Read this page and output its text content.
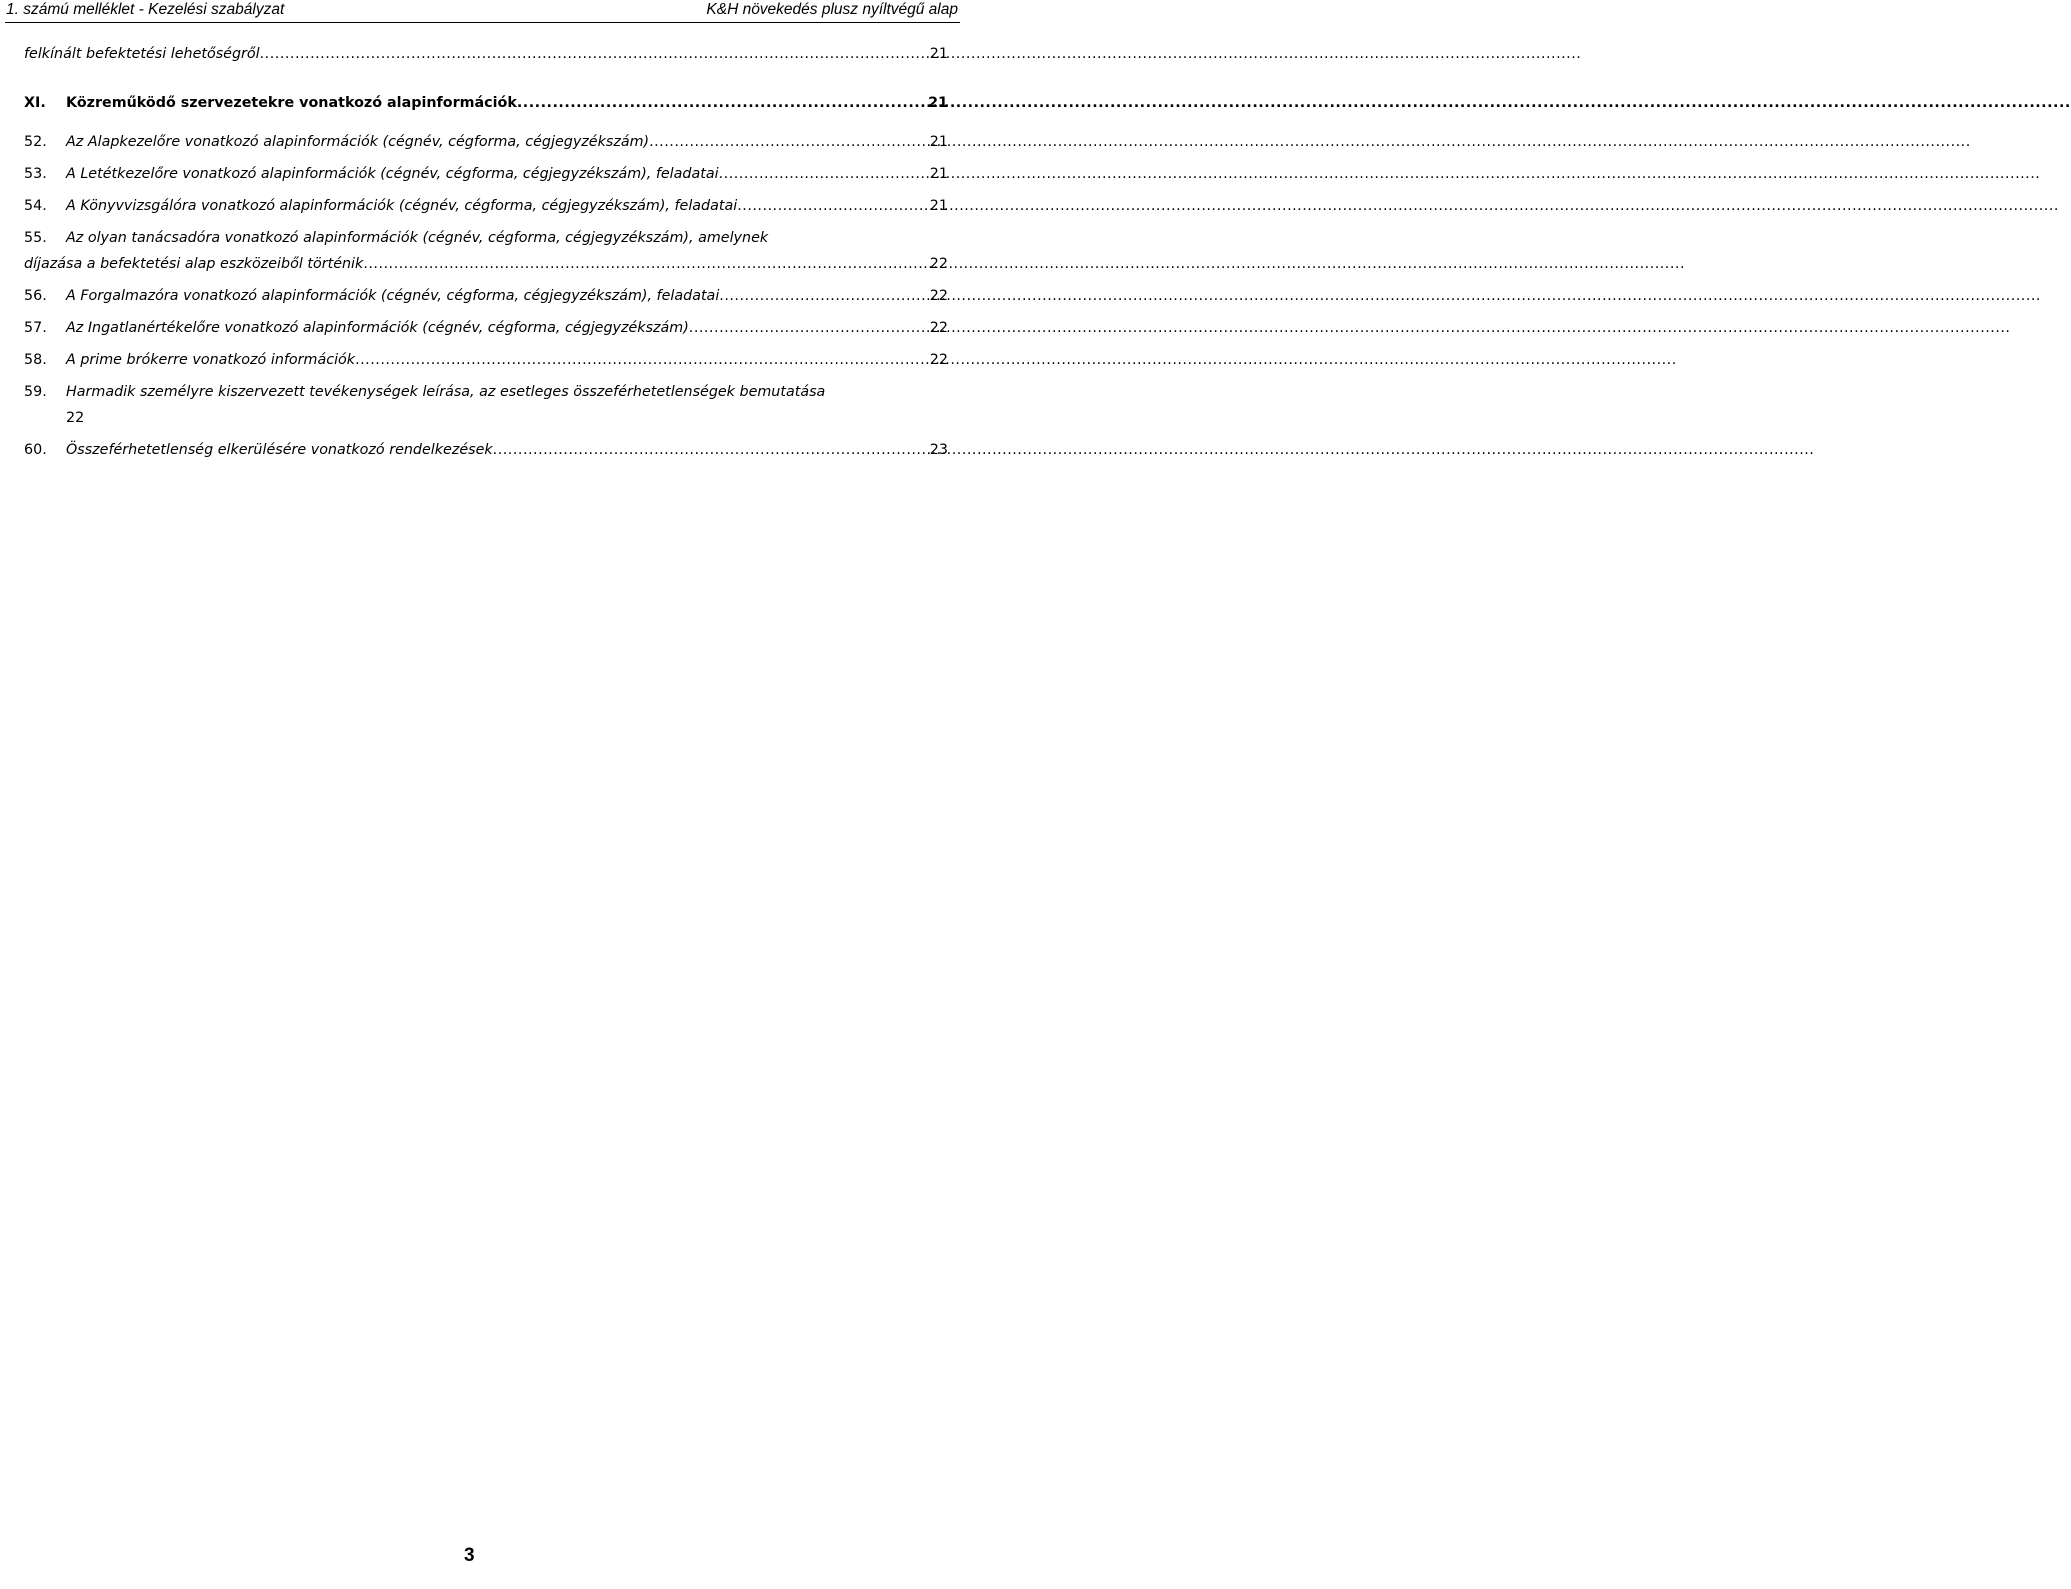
1. számú melléklet - Kezelési szabályzat	K&H növekedés plusz nyíltvégű alap
felkínált befektetési lehetőségről .....	21
XI.	Közreműködő szervezetekre vonatkozó alapinformációk .....	21
52.	Az Alapkezelőre vonatkozó alapinformációk (cégnév, cégforma, cégjegyzékszám) .....	21
53.	A Letétkezelőre vonatkozó alapinformációk (cégnév, cégforma, cégjegyzékszám), feladatai .....	21
54.	A Könyvvizsgálóra vonatkozó alapinformációk (cégnév, cégforma, cégjegyzékszám), feladatai .....	21
55.	Az olyan tanácsadóra vonatkozó alapinformációk (cégnév, cégforma, cégjegyzékszám), amelynek
díjazása a befektetési alap eszközeiből történik .....	22
56.	A Forgalmazóra vonatkozó alapinformációk (cégnév, cégforma, cégjegyzékszám), feladatai .....	22
57.	Az Ingatlanértékelőre vonatkozó alapinformációk (cégnév, cégforma, cégjegyzékszám) .....	22
58.	A prime brókerre vonatkozó információk .....	22
59.	Harmadik személyre kiszervezett tevékenységek leírása, az esetleges összeférhetetlenségek bemutatása
22
60.	Összeférhetetlenség elkerülésére vonatkozó rendelkezések .....	23
3
